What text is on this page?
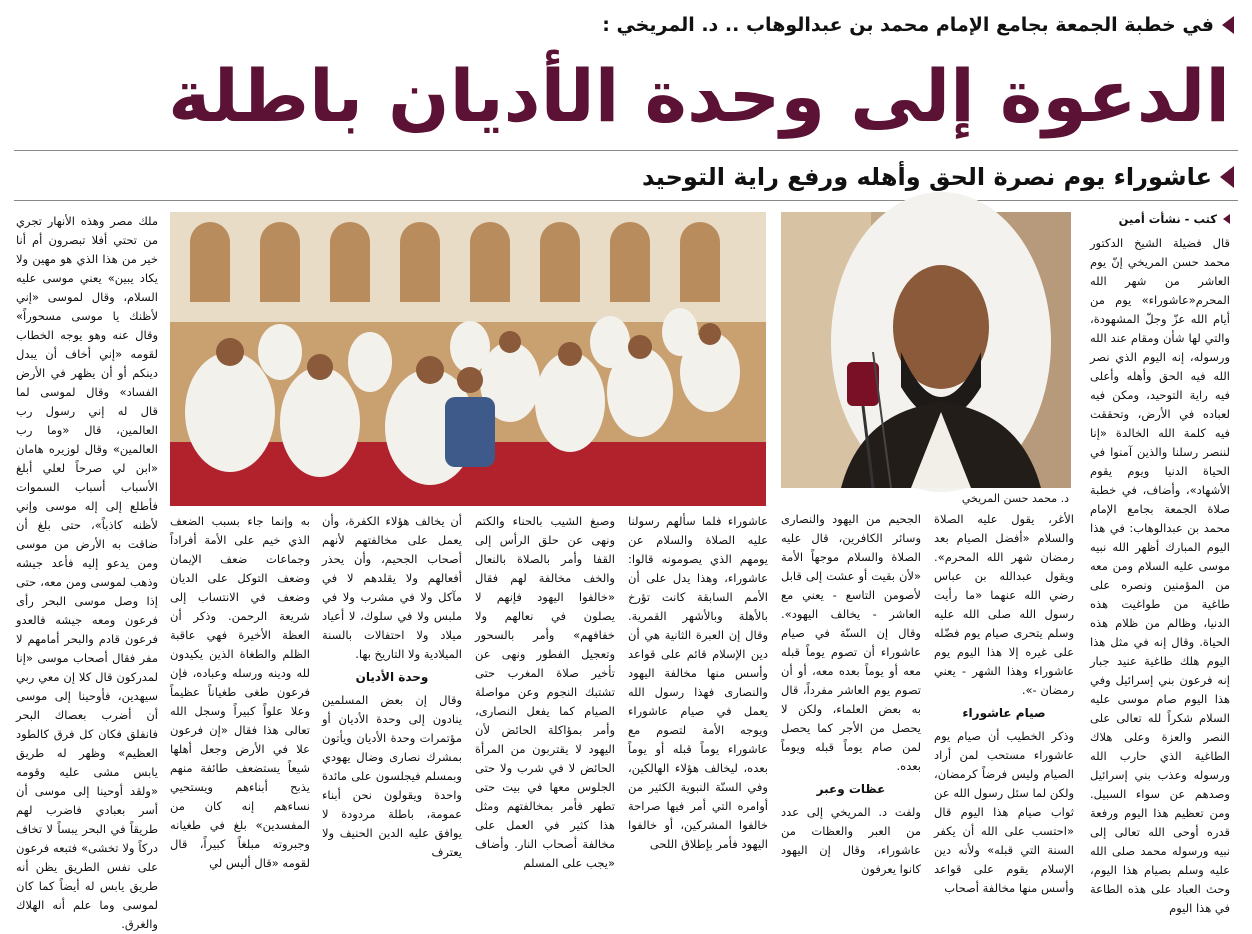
في خطبة الجمعة بجامع الإمام محمد بن عبدالوهاب .. د. المريخي :
الدعوة إلى وحدة الأديان باطلة
عاشوراء يوم نصرة الحق وأهله ورفع راية التوحيد
كتب - نشأت أمين

قال فضيلة الشيخ الدكتور محمد حسن المريخي إنّ يوم العاشر من شهر الله المحرم«عاشوراء» يوم من أيام الله عزّ وجلّ المشهودة، والتي لها شأن ومقام عند الله ورسوله، إنه اليوم الذي نصر الله فيه الحق وأهله وأعلى فيه راية التوحيد، ومكن فيه لعباده في الأرض، وتحققت فيه كلمة الله الخالدة «إنا لننصر رسلنا والذين آمنوا في الحياة الدنيا ويوم يقوم الأشهاد»، وأضاف، في خطبة صلاة الجمعة بجامع الإمام محمد بن عبدالوهاب: في هذا اليوم المبارك أظهر الله نبيه موسى عليه السلام ومن معه من المؤمنين ونصره على طاغية من طواغيت هذه الدنيا، وظالم من ظلام هذه الحياة. وقال إنه في مثل هذا اليوم هلك طاغية عنيد جبار إنه فرعون بني إسرائيل وفي هذا اليوم صام موسى عليه السلام شكراً لله تعالى على النصر والعزة وعلى هلاك الطاغية الذي حارب الله ورسوله وعذب بني إسرائيل وصدهم عن سواء السبيل. ومن تعظيم هذا اليوم ورفعة قدره أوحى الله تعالى إلى نبيه ورسوله محمد صلى الله عليه وسلم بصيام هذا اليوم، وحث العباد على هذه الطاعة في هذا اليوم

د. محمد حسن المريخي

الأغر، يقول عليه الصلاة والسلام «أفضل الصيام بعد رمضان شهر الله المحرم». ويقول عبدالله بن عباس رضي الله عنهما «ما رأيت رسول الله صلى الله عليه وسلم يتحرى صيام يوم فضّله على غيره إلا هذا اليوم يوم عاشوراء وهذا الشهر - يعني رمضان -».

صيام عاشوراء

وذكر الخطيب أن صيام يوم عاشوراء مستحب لمن أراد الصيام وليس فرضاً كرمضان، ولكن لما سئل رسول الله عن ثواب صيام هذا اليوم قال «احتسب على الله أن يكفر السنة التي قبله» ولأنه دين الإسلام يقوم على قواعد وأسس منها مخالفة أصحاب

الجحيم من اليهود والنصارى وسائر الكافرين، قال عليه الصلاة والسلام موجهاً الأمة «لأن بقيت أو عشت إلى قابل لأصومن التاسع - يعني مع العاشر - يخالف اليهود». وقال إن السنّة في صيام عاشوراء أن تصوم يوماً قبله معه أو يوماً بعده معه، أو أن تصوم يوم العاشر مفرداً، قال به بعض العلماء، ولكن لا يحصل من الأجر كما يحصل لمن صام يوماً قبله ويوماً بعده.

عظات وعبر

ولفت د. المريخي إلى عدد من العبر والعظات من عاشوراء، وقال إن اليهود كانوا يعرفون

عاشوراء فلما سألهم رسولنا عليه الصلاة والسلام عن يومهم الذي يصومونه قالوا: عاشوراء، وهذا يدل على أن الأمم السابقة كانت تؤرخ بالأهلة وبالأشهر القمرية. وقال إن العبرة الثانية هي أن دين الإسلام قائم على قواعد وأسس منها مخالفة اليهود والنصارى فهذا رسول الله يعمل في صيام عاشوراء ويوجه الأمة لتصوم مع عاشوراء يوماً قبله أو يوماً بعده، ليخالف هؤلاء الهالكين، وفي السنّة النبوية الكثير من أوامره التي أمر فيها صراحة خالفوا المشركين، أو خالفوا اليهود فأمر بإطلاق اللحى

وصبغ الشيب بالحناء والكتم ونهى عن حلق الرأس إلى القفا وأمر بالصلاة بالنعال والخف مخالفة لهم فقال «خالفوا اليهود فإنهم لا يصلون في نعالهم ولا خفافهم» وأمر بالسحور وتعجيل الفطور ونهى عن تأخير صلاة المغرب حتى تشتبك النجوم وعن مواصلة الصيام كما يفعل النصارى، وأمر بمؤاكلة الحائض لأن اليهود لا يقتربون من المرأة الحائض لا في شرب ولا حتى الجلوس معها في بيت حتى تطهر فأمر بمخالفتهم ومثل هذا كثير في العمل على مخالفة أصحاب النار. وأضاف «يجب على المسلم

أن يخالف هؤلاء الكفرة، وأن يعمل على مخالفتهم لأنهم أصحاب الجحيم، وأن يحذر أفعالهم ولا يقلدهم لا في مآكل ولا في مشرب ولا في ملبس ولا في سلوك، لا أعياد ميلاد ولا احتفالات بالسنة الميلادية ولا التاريخ بها.

وحدة الأديان

وقال إن بعض المسلمين ينادون إلى وحدة الأديان أو مؤتمرات وحدة الأديان ويأتون بمشرك نصارى وضال يهودي وبمسلم فيجلسون على مائدة واحدة ويقولون نحن أبناء عمومة، باطلة مردودة لا يوافق عليه الدين الحنيف ولا يعترف

به وإنما جاء بسبب الضعف الذي خيم على الأمة أفراداً وجماعات ضعف الإيمان وضعف التوكل على الديان وضعف في الانتساب إلى شريعة الرحمن. وذكر أن العظة الأخيرة فهي عاقبة الظلم والطغاة الذين يكيدون لله ودينه ورسله وعباده، فإن فرعون طغى طغياناً عظيماً وعلا علواً كبيراً وسجل الله تعالى هذا فقال «إن فرعون علا في الأرض وجعل أهلها شيعاً يستضعف طائفة منهم يذبح أبناءهم ويستحيي نساءهم إنه كان من المفسدين» بلغ في طغيانه وجبروته مبلغاً كبيراً، قال لقومه «قال أليس لي

ملك مصر وهذه الأنهار تجري من تحتي أفلا تبصرون أم أنا خير من هذا الذي هو مهين ولا يكاد يبين» يعني موسى عليه السلام، وقال لموسى «إني لأظنك يا موسى مسحوراً» وقال عنه وهو يوجه الخطاب لقومه «إني أخاف أن يبدل دينكم أو أن يظهر في الأرض الفساد» وقال لموسى لما قال له إني رسول رب العالمين، قال «وما رب العالمين» وقال لوزيره هامان «ابن لي صرحاً لعلي أبلغ الأسباب أسباب السموات فأطلع إلى إله موسى وإني لأظنه كاذباً»، حتى بلغ أن ضاقت به الأرض من موسى ومن يدعو إليه فأعد جيشه وذهب لموسى ومن معه، حتى إذا وصل موسى البحر رأى فرعون ومعه جيشه فالعدو فرعون قادم والبحر أمامهم لا مفر فقال أصحاب موسى «إنا لمدركون قال كلا إن معي ربي سيهدين، فأوحينا إلى موسى أن أضرب بعصاك البحر فانفلق فكان كل فرق كالطود العظيم» وظهر له طريق يابس مشى عليه وقومه «ولقد أوحينا إلى موسى أن أسر بعبادي فاضرب لهم طريقاً في البحر يبساً لا تخاف دركاً ولا تخشى» فتبعه فرعون على نفس الطريق يظن أنه طريق يابس له أيضاً كما كان لموسى وما علم أنه الهلاك والغرق.
